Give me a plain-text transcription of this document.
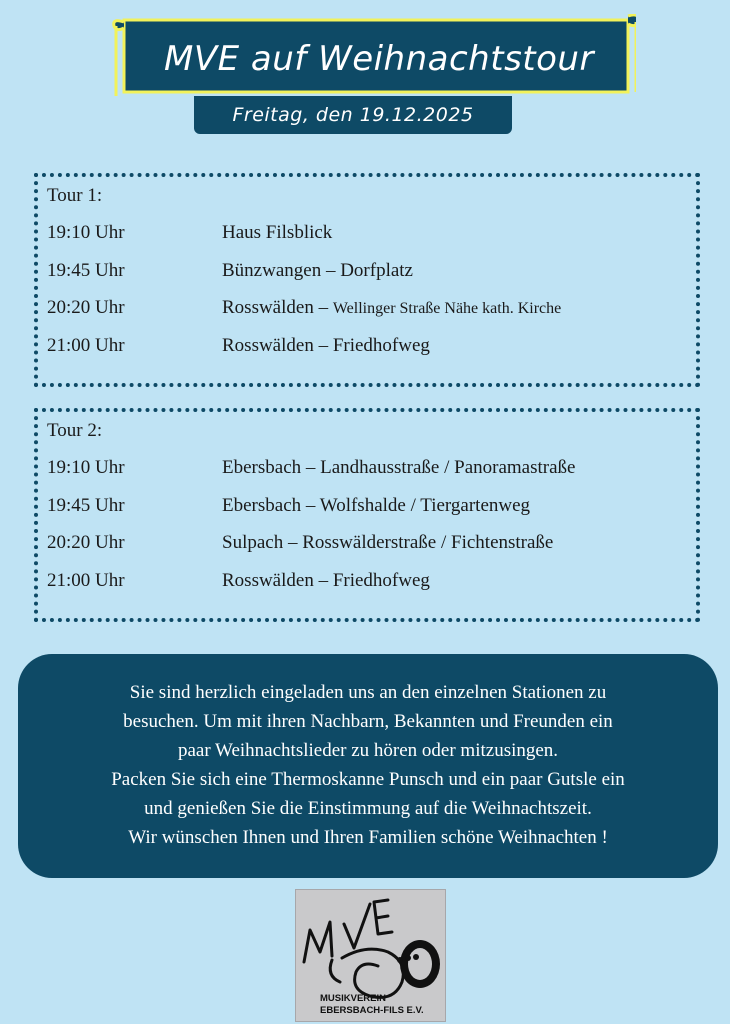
MVE auf Weihnachtstour
Freitag, den 19.12.2025
Tour 1:
19:10 Uhr	Haus Filsblick
19:45 Uhr	Bünzwangen – Dorfplatz
20:20 Uhr	Rosswälden – Wellinger Straße Nähe kath. Kirche
21:00 Uhr	Rosswälden – Friedhofweg
Tour 2:
19:10 Uhr	Ebersbach – Landhausstraße / Panoramastraße
19:45 Uhr	Ebersbach – Wolfshalde / Tiergartenweg
20:20 Uhr	Sulpach – Rosswälderstraße / Fichtenstraße
21:00 Uhr	Rosswälden – Friedhofweg
Sie sind herzlich eingeladen uns an den einzelnen Stationen zu
besuchen. Um mit ihren Nachbarn, Bekannten und Freunden ein
paar Weihnachtslieder zu hören oder mitzusingen.
Packen Sie sich eine Thermoskanne Punsch und ein paar Gutsle ein
und genießen Sie die Einstimmung auf die Weihnachtszeit.
Wir wünschen Ihnen und Ihren Familien schöne Weihnachten !
MUSIKVEREIN
EBERSBACH-FILS E.V.
